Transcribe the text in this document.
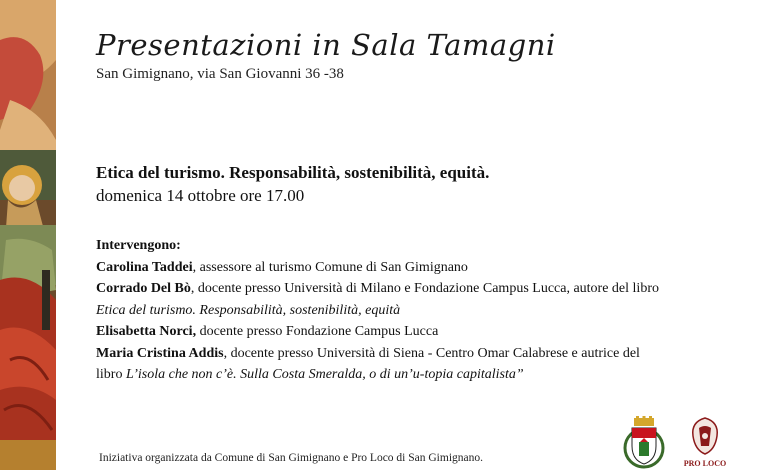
Presentazioni in Sala Tamagni
San Gimignano, via San Giovanni 36 -38
Etica del turismo. Responsabilità, sostenibilità, equità.
domenica 14 ottobre ore 17.00
Intervengono:
Carolina Taddei, assessore al turismo Comune di San Gimignano
Corrado Del Bò, docente presso Università di Milano e Fondazione Campus Lucca, autore del libro
Etica del turismo. Responsabilità, sostenibilità, equità
Elisabetta Norci, docente presso Fondazione Campus Lucca
Maria Cristina Addis, docente presso Università di Siena - Centro Omar Calabrese e autrice del
libro L’isola che non c’è. Sulla Costa Smeralda, o di un’u-topia capitalista”
Iniziativa organizzata da Comune di San Gimignano e Pro Loco di San Gimignano.	PRO LOCO
